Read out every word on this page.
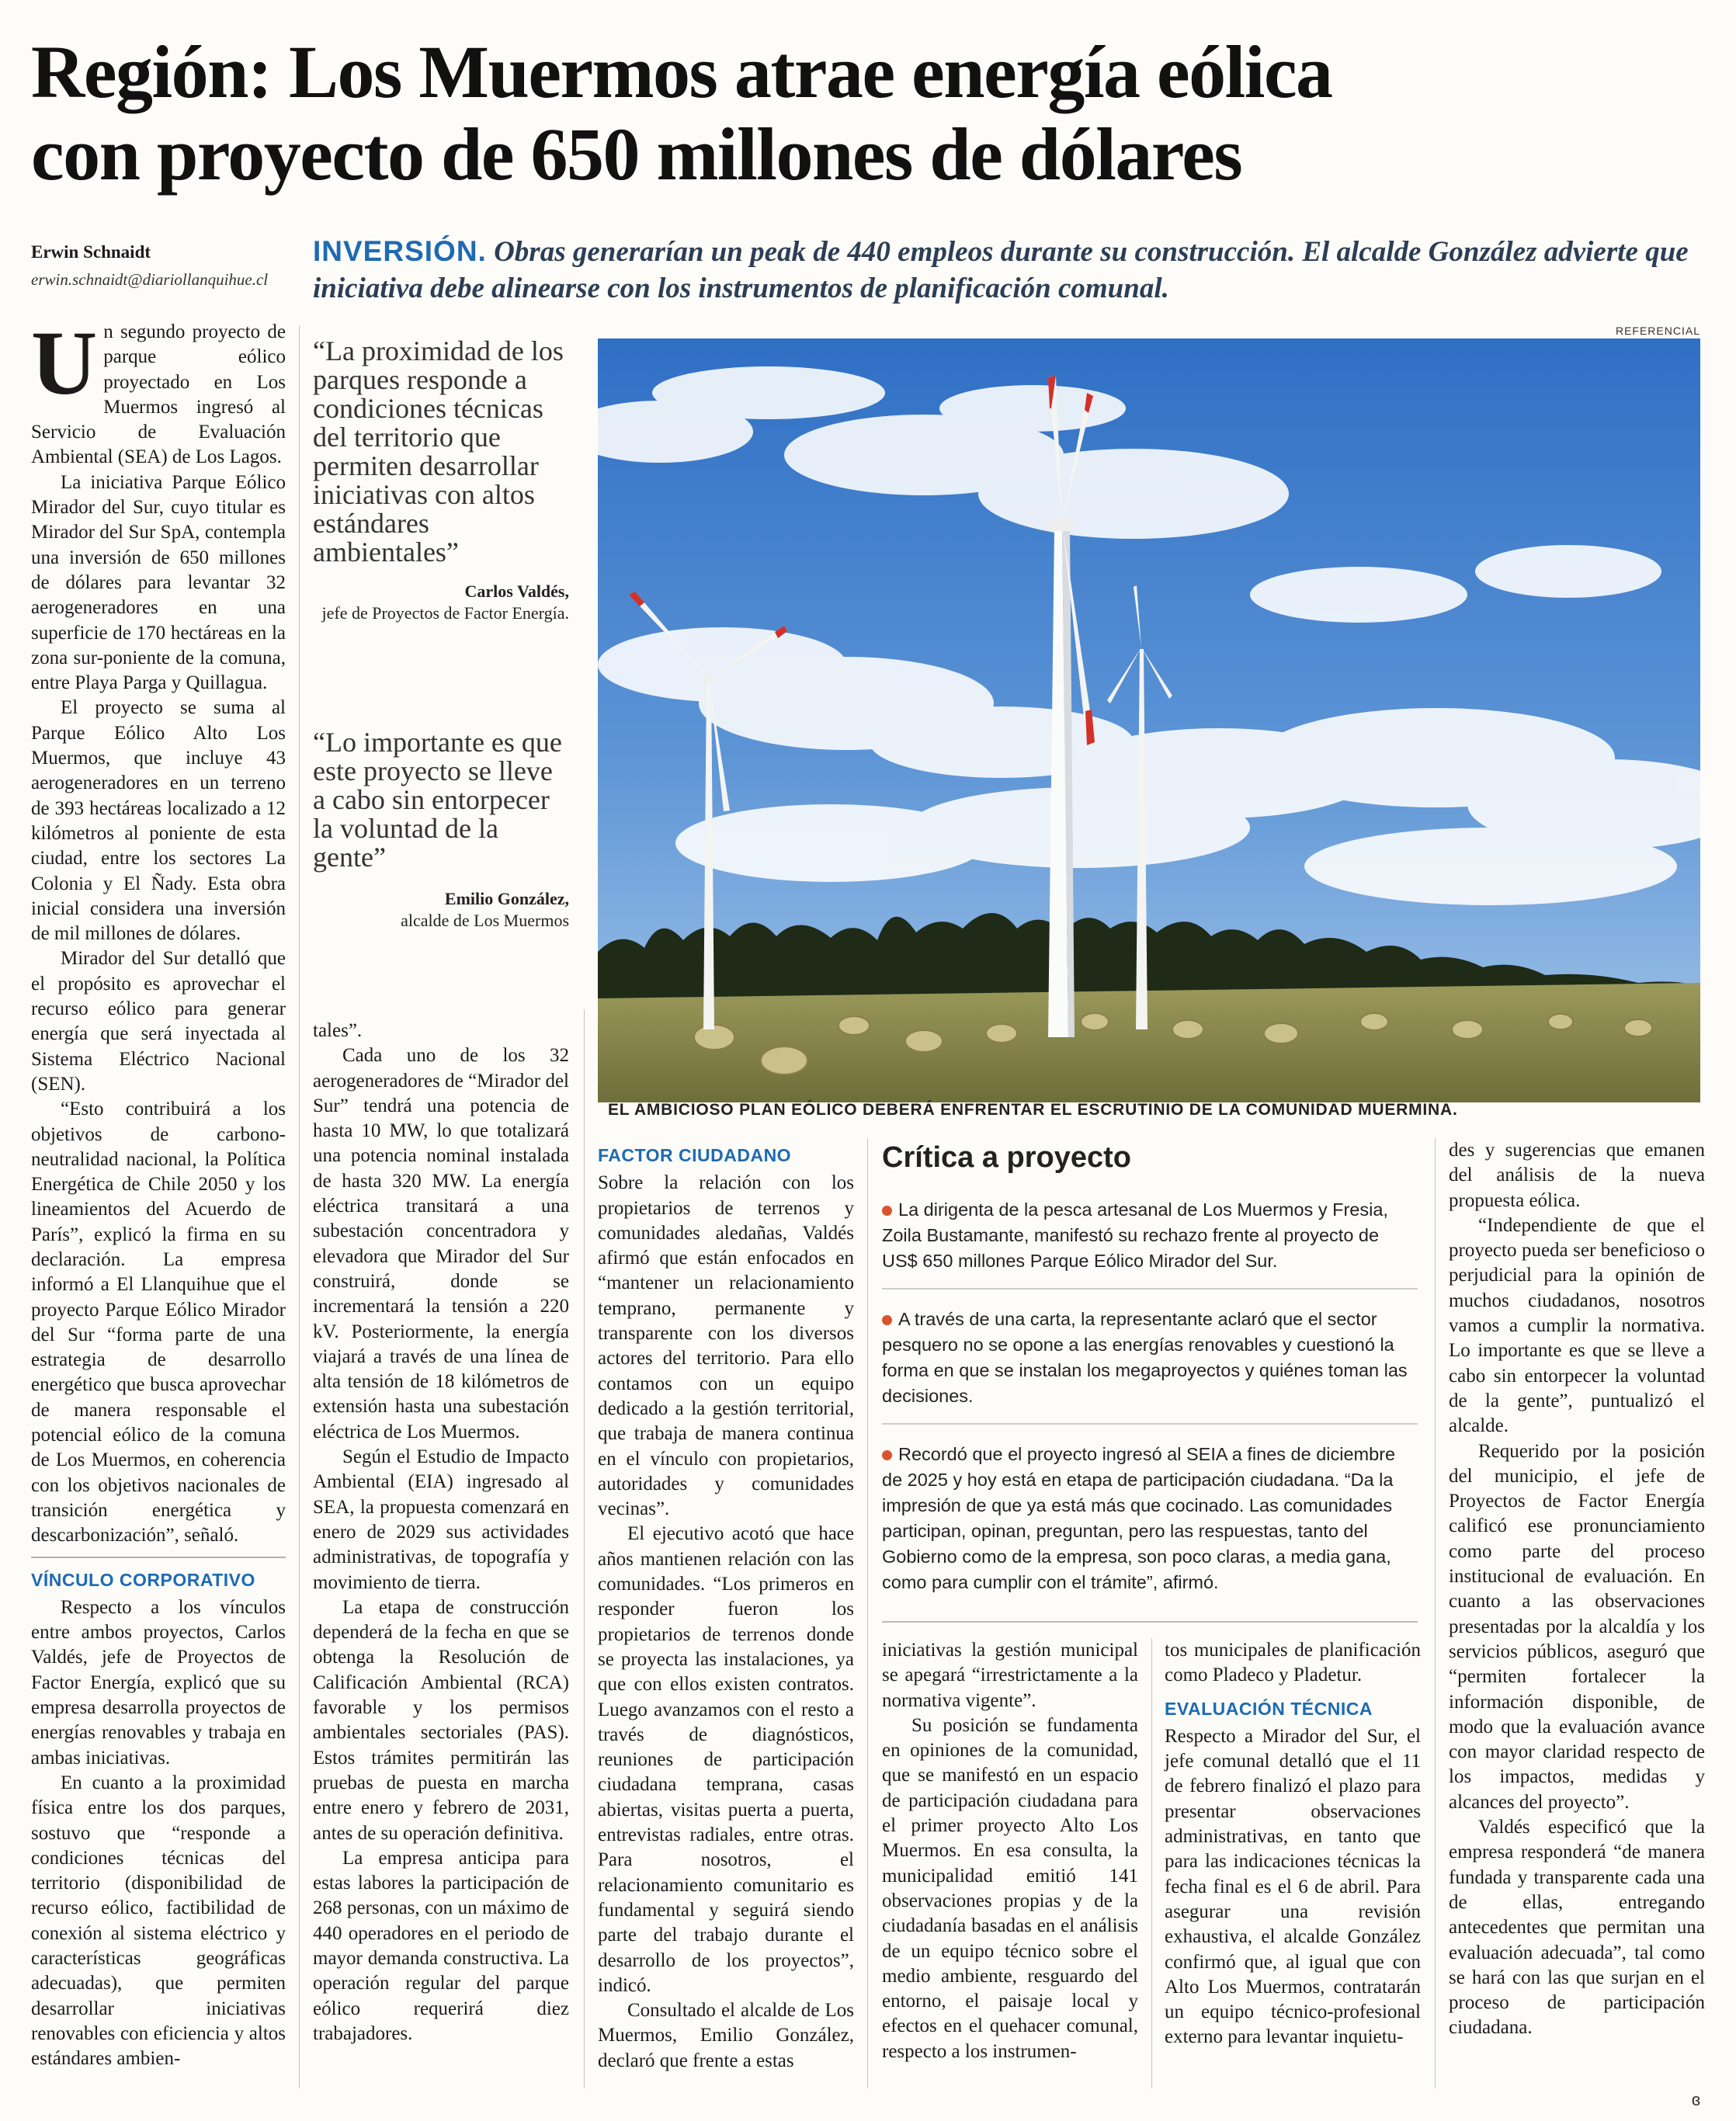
Región: Los Muermos atrae energía eólica
con proyecto de 650 millones de dólares
Erwin Schnaidt
erwin.schnaidt@diariollanquihue.cl
INVERSIÓN. Obras generarían un peak de 440 empleos durante su construcción. El alcalde González advierte que iniciativa debe alinearse con los instrumentos de planificación comunal.

Un segundo proyecto de parque eólico proyectado en Los Muermos ingresó al Servicio de Evaluación Ambiental (SEA) de Los Lagos.

La iniciativa Parque Eólico Mirador del Sur, cuyo titular es Mirador del Sur SpA, contempla una inversión de 650 millones de dólares para levantar 32 aerogeneradores en una superficie de 170 hectáreas en la zona sur-poniente de la comuna, entre Playa Parga y Quillagua.

El proyecto se suma al Parque Eólico Alto Los Muermos, que incluye 43 aerogeneradores en un terreno de 393 hectáreas localizado a 12 kilómetros al poniente de esta ciudad, entre los sectores La Colonia y El Ñady. Esta obra inicial considera una inversión de mil millones de dólares.

Mirador del Sur detalló que el propósito es aprovechar el recurso eólico para generar energía que será inyectada al Sistema Eléctrico Nacional (SEN).

“Esto contribuirá a los objetivos de carbono-neutralidad nacional, la Política Energética de Chile 2050 y los lineamientos del Acuerdo de París”, explicó la firma en su declaración. La empresa informó a El Llanquihue que el proyecto Parque Eólico Mirador del Sur “forma parte de una estrategia de desarrollo energético que busca aprovechar de manera responsable el potencial eólico de la comuna de Los Muermos, en coherencia con los objetivos nacionales de transición energética y descarbonización”, señaló.

VÍNCULO CORPORATIVO

Respecto a los vínculos entre ambos proyectos, Carlos Valdés, jefe de Proyectos de Factor Energía, explicó que su empresa desarrolla proyectos de energías renovables y trabaja en ambas iniciativas.

En cuanto a la proximidad física entre los dos parques, sostuvo que “responde a condiciones técnicas del territorio (disponibilidad de recurso eólico, factibilidad de conexión al sistema eléctrico y características geográficas adecuadas), que permiten desarrollar iniciativas renovables con eficiencia y altos estándares ambien-

“La proximidad de los parques responde a condiciones técnicas del territorio que permiten desarrollar iniciativas con altos estándares ambientales”
Carlos Valdés,
jefe de Proyectos de Factor Energía.
“Lo importante es que este proyecto se lleve a cabo sin entorpecer la voluntad de la gente”
Emilio González,
alcalde de Los Muermos

tales”.

Cada uno de los 32 aerogeneradores de “Mirador del Sur” tendrá una potencia de hasta 10 MW, lo que totalizará una potencia nominal instalada de hasta 320 MW. La energía eléctrica transitará a una subestación concentradora y elevadora que Mirador del Sur construirá, donde se incrementará la tensión a 220 kV. Posteriormente, la energía viajará a través de una línea de alta tensión de 18 kilómetros de extensión hasta una subestación eléctrica de Los Muermos.

Según el Estudio de Impacto Ambiental (EIA) ingresado al SEA, la propuesta comenzará en enero de 2029 sus actividades administrativas, de topografía y movimiento de tierra.

La etapa de construcción dependerá de la fecha en que se obtenga la Resolución de Calificación Ambiental (RCA) favorable y los permisos ambientales sectoriales (PAS). Estos trámites permitirán las pruebas de puesta en marcha entre enero y febrero de 2031, antes de su operación definitiva.

La empresa anticipa para estas labores la participación de 268 personas, con un máximo de 440 operadores en el periodo de mayor demanda constructiva. La operación regular del parque eólico requerirá diez trabajadores.

REFERENCIAL
EL AMBICIOSO PLAN EÓLICO DEBERÁ ENFRENTAR EL ESCRUTINIO DE LA COMUNIDAD MUERMINA.
FACTOR CIUDADANO

Sobre la relación con los propietarios de terrenos y comunidades aledañas, Valdés afirmó que están enfocados en “mantener un relacionamiento temprano, permanente y transparente con los diversos actores del territorio. Para ello contamos con un equipo dedicado a la gestión territorial, que trabaja de manera continua en el vínculo con propietarios, autoridades y comunidades vecinas”.

El ejecutivo acotó que hace años mantienen relación con las comunidades. “Los primeros en responder fueron los propietarios de terrenos donde se proyecta las instalaciones, ya que con ellos existen contratos. Luego avanzamos con el resto a través de diagnósticos, reuniones de participación ciudadana temprana, casas abiertas, visitas puerta a puerta, entrevistas radiales, entre otras. Para nosotros, el relacionamiento comunitario es fundamental y seguirá siendo parte del trabajo durante el desarrollo de los proyectos”, indicó.

Consultado el alcalde de Los Muermos, Emilio González, declaró que frente a estas

Crítica a proyecto
La dirigenta de la pesca artesanal de Los Muermos y Fresia, Zoila Bustamante, manifestó su rechazo frente al proyecto de US$ 650 millones Parque Eólico Mirador del Sur.
A través de una carta, la representante aclaró que el sector pesquero no se opone a las energías renovables y cuestionó la forma en que se instalan los megaproyectos y quiénes toman las decisiones.
Recordó que el proyecto ingresó al SEIA a fines de diciembre de 2025 y hoy está en etapa de participación ciudadana. “Da la impresión de que ya está más que cocinado. Las comunidades participan, opinan, preguntan, pero las respuestas, tanto del Gobierno como de la empresa, son poco claras, a media gana, como para cumplir con el trámite”, afirmó.

iniciativas la gestión municipal se apegará “irrestrictamente a la normativa vigente”.

Su posición se fundamenta en opiniones de la comunidad, que se manifestó en un espacio de participación ciudadana para el primer proyecto Alto Los Muermos. En esa consulta, la municipalidad emitió 141 observaciones propias y de la ciudadanía basadas en el análisis de un equipo técnico sobre el medio ambiente, resguardo del entorno, el paisaje local y efectos en el quehacer comunal, respecto a los instrumen-

tos municipales de planificación como Pladeco y Pladetur.

EVALUACIÓN TÉCNICA

Respecto a Mirador del Sur, el jefe comunal detalló que el 11 de febrero finalizó el plazo para presentar observaciones administrativas, en tanto que para las indicaciones técnicas la fecha final es el 6 de abril. Para asegurar una revisión exhaustiva, el alcalde González confirmó que, al igual que con Alto Los Muermos, contratarán un equipo técnico-profesional externo para levantar inquietu-

des y sugerencias que emanen del análisis de la nueva propuesta eólica.

“Independiente de que el proyecto pueda ser beneficioso o perjudicial para la opinión de muchos ciudadanos, nosotros vamos a cumplir la normativa. Lo importante es que se lleve a cabo sin entorpecer la voluntad de la gente”, puntualizó el alcalde.

Requerido por la posición del municipio, el jefe de Proyectos de Factor Energía calificó ese pronunciamiento como parte del proceso institucional de evaluación. En cuanto a las observaciones presentadas por la alcaldía y los servicios públicos, aseguró que “permiten fortalecer la información disponible, de modo que la evaluación avance con mayor claridad respecto de los impactos, medidas y alcances del proyecto”.

Valdés especificó que la empresa responderá “de manera fundada y transparente cada una de ellas, entregando antecedentes que permitan una evaluación adecuada”, tal como se hará con las que surjan en el proceso de participación ciudadana.

ɞ
